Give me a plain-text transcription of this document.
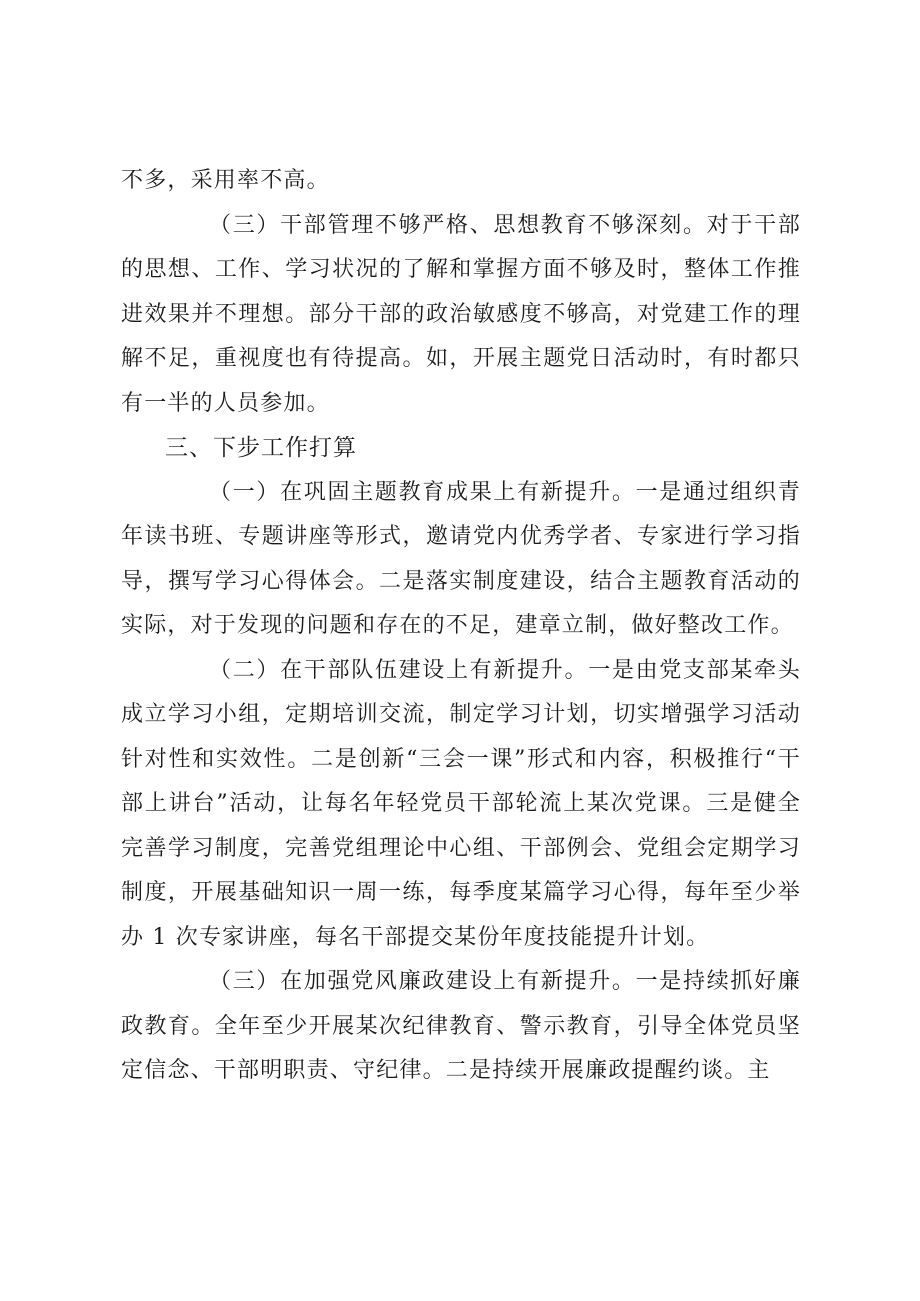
不多，采用率不高。

（三）干部管理不够严格、思想教育不够深刻。对于干部的思想、工作、学习状况的了解和掌握方面不够及时，整体工作推进效果并不理想。部分干部的政治敏感度不够高，对党建工作的理解不足，重视度也有待提高。如，开展主题党日活动时，有时都只有一半的人员参加。

三、下步工作打算

（一）在巩固主题教育成果上有新提升。一是通过组织青年读书班、专题讲座等形式，邀请党内优秀学者、专家进行学习指导，撰写学习心得体会。二是落实制度建设，结合主题教育活动的实际，对于发现的问题和存在的不足，建章立制，做好整改工作。

（二）在干部队伍建设上有新提升。一是由党支部某牵头成立学习小组，定期培训交流，制定学习计划，切实增强学习活动针对性和实效性。二是创新“三会一课”形式和内容，积极推行“干部上讲台”活动，让每名年轻党员干部轮流上某次党课。三是健全完善学习制度，完善党组理论中心组、干部例会、党组会定期学习制度，开展基础知识一周一练，每季度某篇学习心得，每年至少举办 1 次专家讲座，每名干部提交某份年度技能提升计划。

（三）在加强党风廉政建设上有新提升。一是持续抓好廉政教育。全年至少开展某次纪律教育、警示教育，引导全体党员坚定信念、干部明职责、守纪律。二是持续开展廉政提醒约谈。主
